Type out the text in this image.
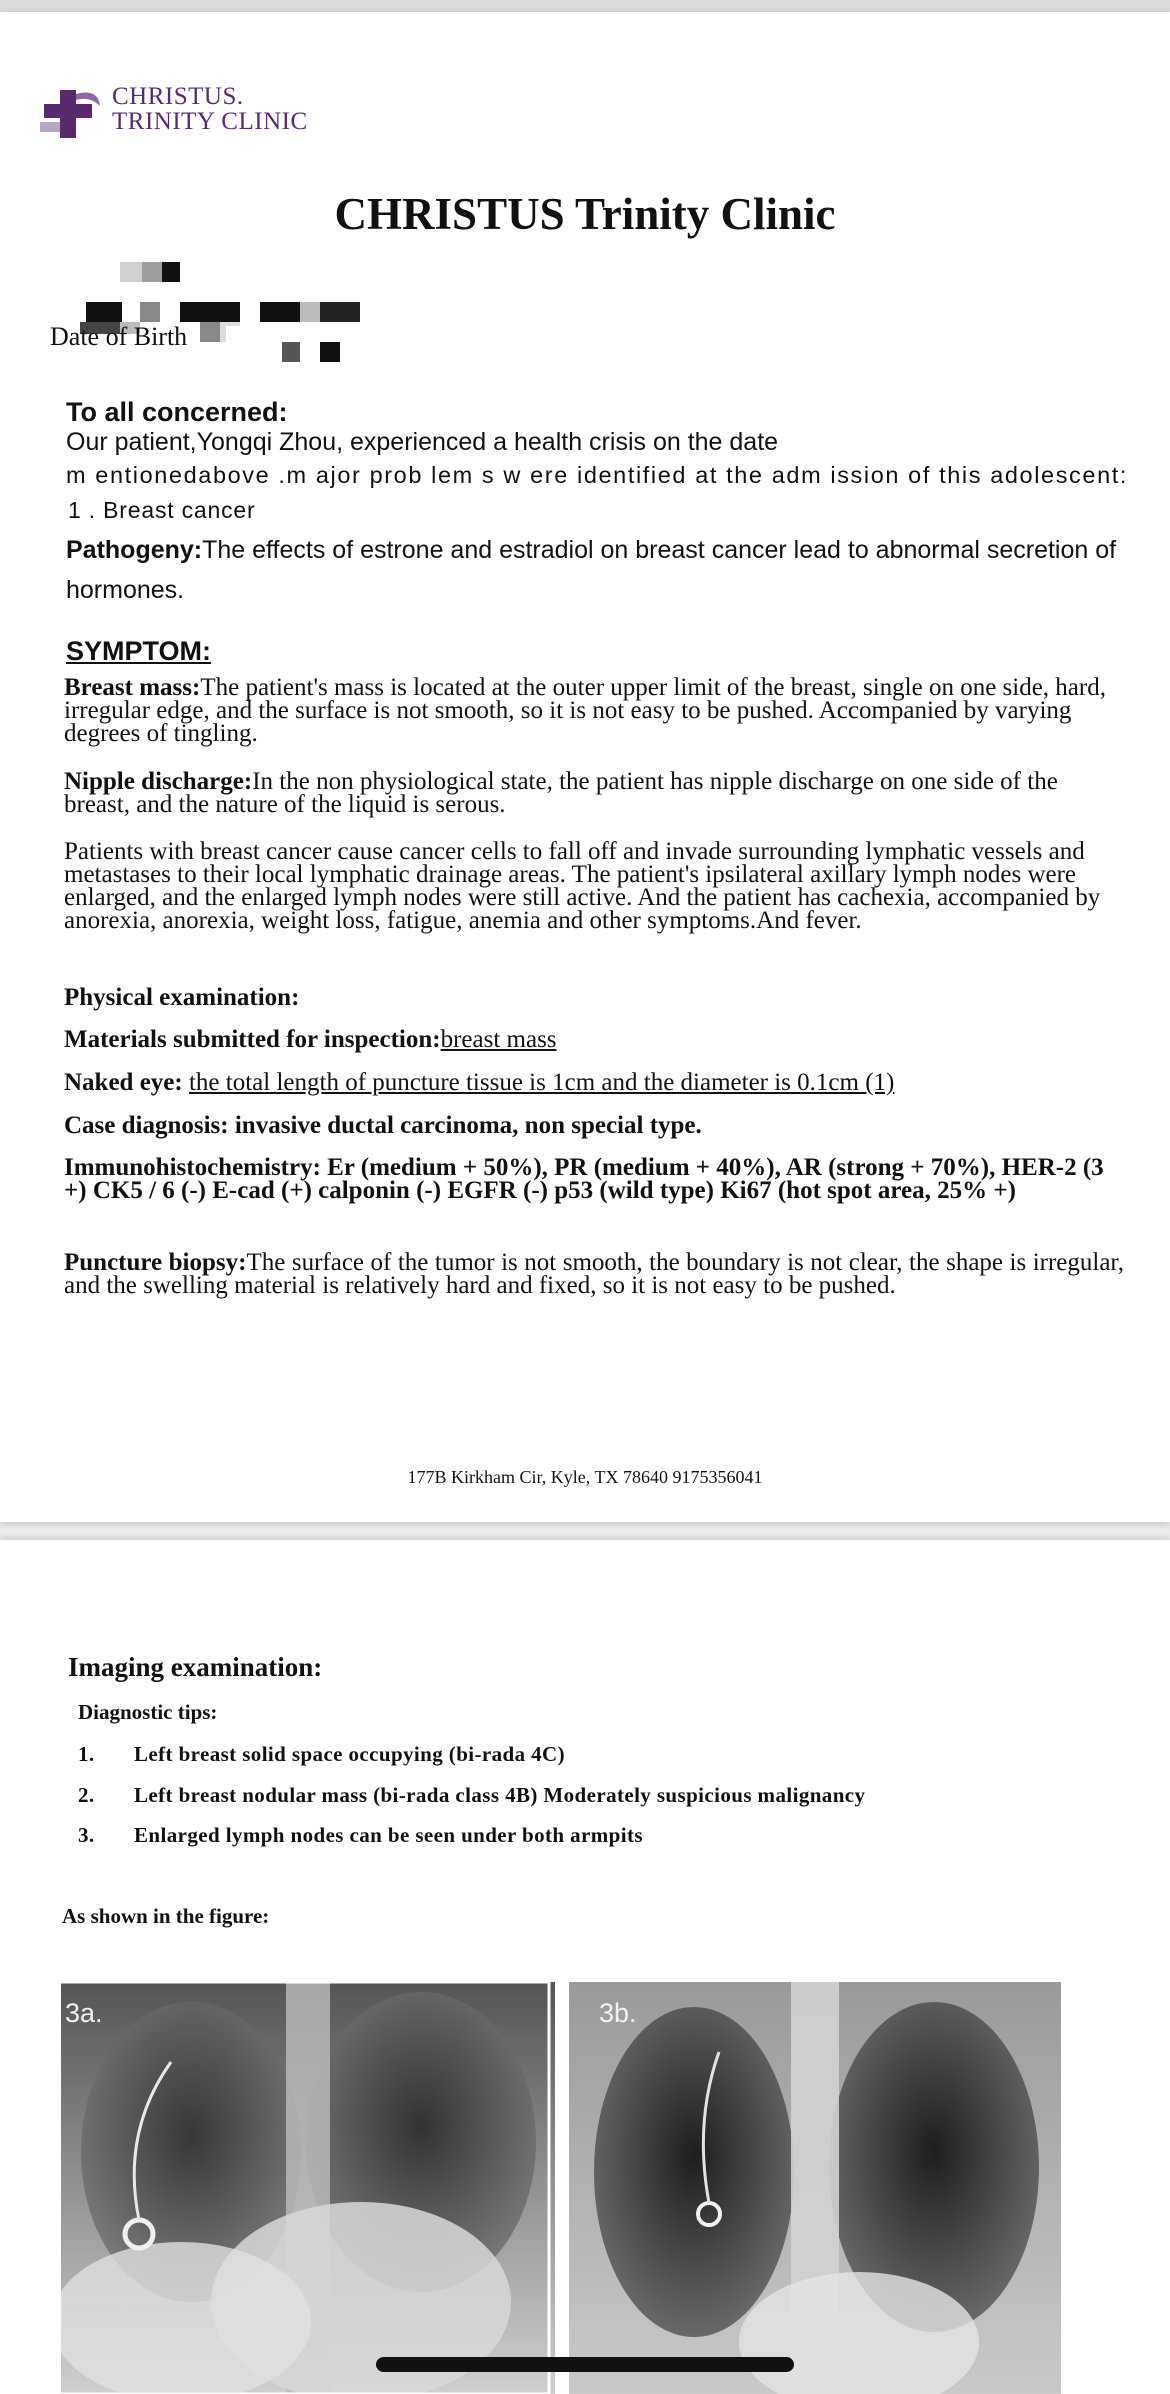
CHRISTUS.
TRINITY CLINIC
CHRISTUS Trinity Clinic
Date of Birth
To all concerned:
Our patient,Yongqi Zhou, experienced a health crisis on the date
m entionedabove .m ajor prob lem s w ere identified at the adm ission of this adolescent:
1 . Breast cancer
Pathogeny:The effects of estrone and estradiol on breast cancer lead to abnormal secretion of hormones.
SYMPTOM:
Breast mass:The patient's mass is located at the outer upper limit of the breast, single on one side, hard, irregular edge, and the surface is not smooth, so it is not easy to be pushed. Accompanied by varying degrees of tingling.
Nipple discharge:In the non physiological state, the patient has nipple discharge on one side of the breast, and the nature of the liquid is serous.
Patients with breast cancer cause cancer cells to fall off and invade surrounding lymphatic vessels and metastases to their local lymphatic drainage areas. The patient's ipsilateral axillary lymph nodes were enlarged, and the enlarged lymph nodes were still active. And the patient has cachexia, accompanied by anorexia, anorexia, weight loss, fatigue, anemia and other symptoms.And fever.
Physical examination:
Materials submitted for inspection:breast mass
Naked eye: the total length of puncture tissue is 1cm and the diameter is 0.1cm (1)
Case diagnosis: invasive ductal carcinoma, non special type.
Immunohistochemistry: Er (medium + 50%), PR (medium + 40%), AR (strong + 70%), HER-2 (3 +) CK5 / 6 (-) E-cad (+) calponin (-) EGFR (-) p53 (wild type) Ki67 (hot spot area, 25% +)
Puncture biopsy:The surface of the tumor is not smooth, the boundary is not clear, the shape is irregular, and the swelling material is relatively hard and fixed, so it is not easy to be pushed.
177B Kirkham Cir, Kyle, TX 78640 9175356041
Imaging examination:
Diagnostic tips:
1. Left breast solid space occupying (bi-rada 4C)
2. Left breast nodular mass (bi-rada class 4B) Moderately suspicious malignancy
3. Enlarged lymph nodes can be seen under both armpits
As shown in the figure:
3a.	3b.
